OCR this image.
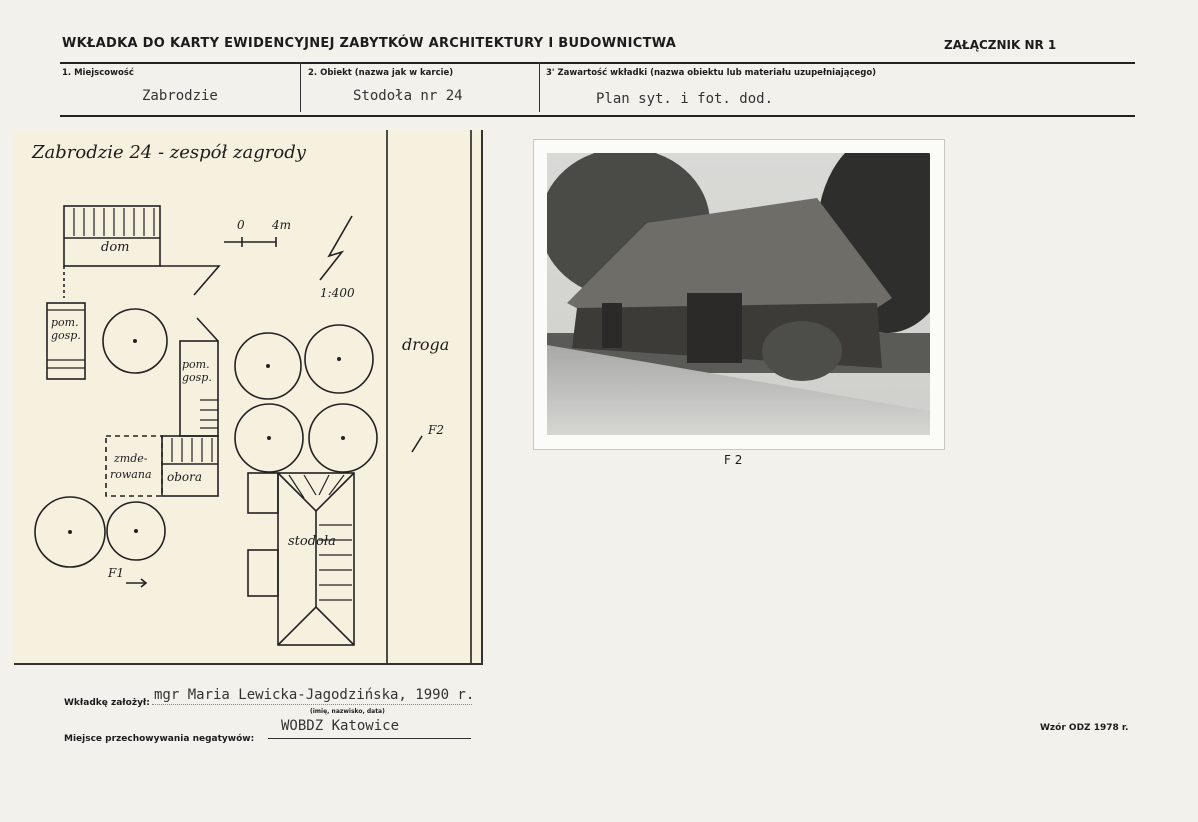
WKŁADKA DO KARTY EWIDENCYJNEJ ZABYTKÓW ARCHITEKTURY I BUDOWNICTWA	ZAŁĄCZNIK NR 1
1. Miejscowość
Zabrodzie
2. Obiekt (nazwa jak w karcie)
Stodoła nr 24
3' Zawartość wkładki (nazwa obiektu lub materiału uzupełniającego)
Plan syt. i fot. dod.
Zabrodzie 24 - zespół zagrody
0 4m
1:400
dom
pom. gosp.
pom. gosp.
zmde-
rowana obora
stodoła
droga
F1
F2
F 2
Wkładkę założył: mgr Maria Lewicka-Jagodzińska, 1990 r.
(imię, nazwisko, data)
Miejsce przechowywania negatywów:
WOBDZ Katowice	Wzór ODZ 1978 r.
